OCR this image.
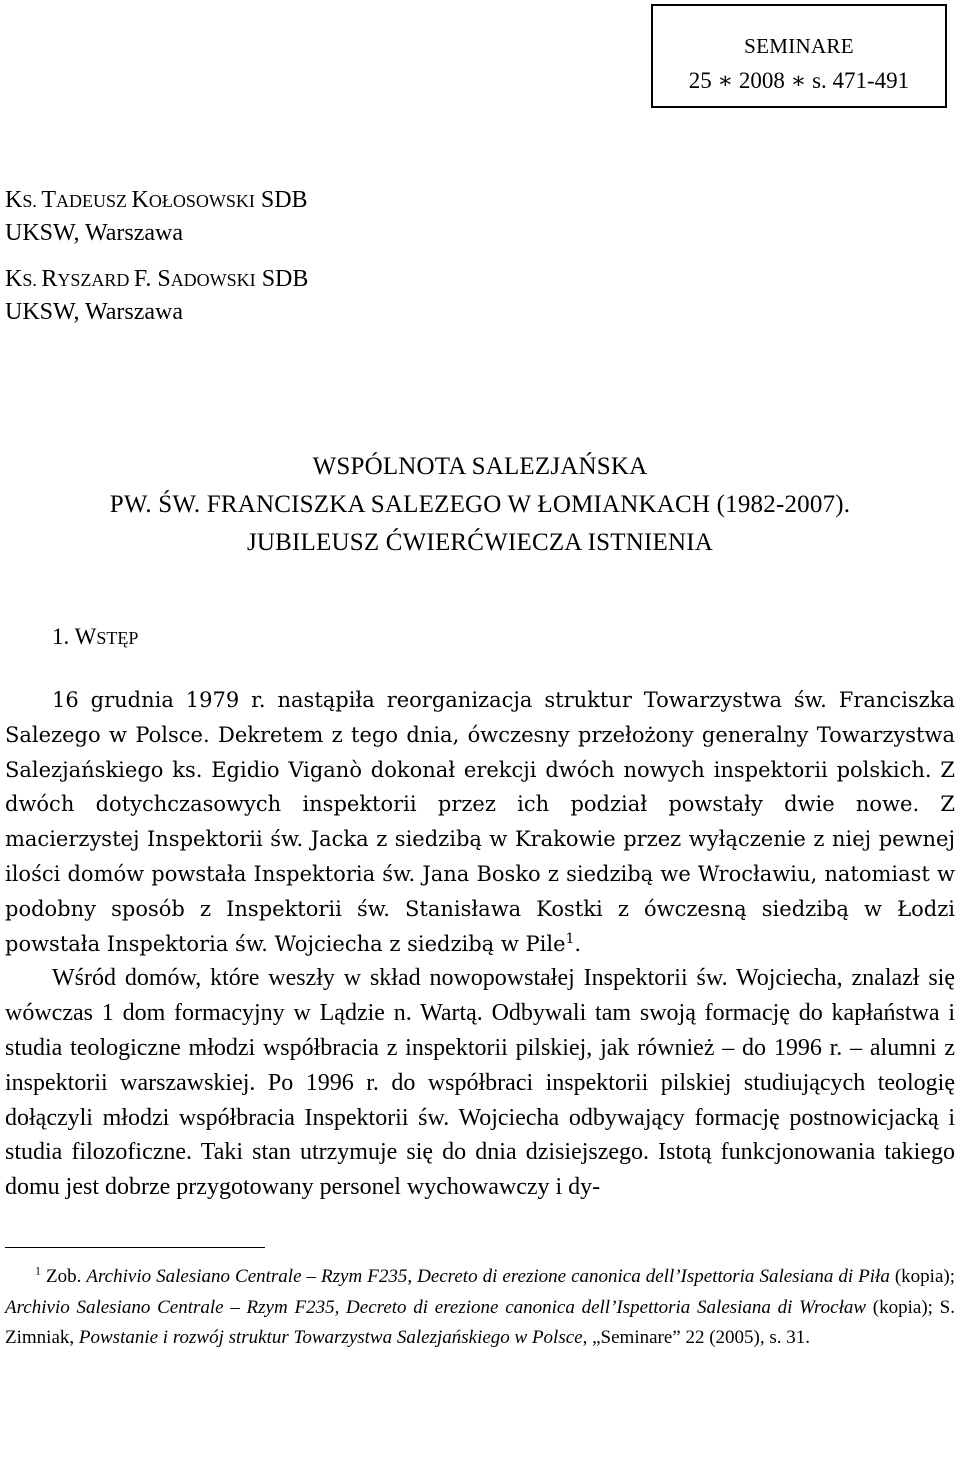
SEMINARE
25 ∗ 2008 ∗ s. 471-491
KS. TADEUSZ KOŁOSOWSKI SDB
UKSW, Warszawa
KS. RYSZARD F. SADOWSKI SDB
UKSW, Warszawa
WSPÓLNOTA SALEZJAŃSKA
PW. ŚW. FRANCISZKA SALEZEGO W ŁOMIANKACH (1982-2007).
JUBILEUSZ ĆWIERĆWIECZA ISTNIENIA
1. WSTĘP

16 grudnia 1979 r. nastąpiła reorganizacja struktur Towarzystwa św. Franciszka Salezego w Polsce. Dekretem z tego dnia, ówczesny przełożony generalny Towarzystwa Salezjańskiego ks. Egidio Viganò dokonał erekcji dwóch nowych inspektorii polskich. Z dwóch dotychczasowych inspektorii przez ich podział powstały dwie nowe. Z macierzystej Inspektorii św. Jacka z siedzibą w Krakowie przez wyłączenie z niej pewnej ilości domów powstała Inspektoria św. Jana Bosko z siedzibą we Wrocławiu, natomiast w podobny sposób z Inspektorii św. Stanisława Kostki z ówczesną siedzibą w Łodzi powstała Inspektoria św. Wojciecha z siedzibą w Pile$^1$.

Wśród domów, które weszły w skład nowopowstałej Inspektorii św. Wojciecha, znalazł się wówczas 1 dom formacyjny w Lądzie n. Wartą. Odbywali tam swoją formację do kapłaństwa i studia teologiczne młodzi współbracia z inspektorii pilskiej, jak również – do 1996 r. – alumni z inspektorii warszawskiej. Po 1996 r. do współbraci inspektorii pilskiej studiujących teologię dołączyli młodzi współbracia Inspektorii św. Wojciecha odbywający formację postnowicjacką i studia filozoficzne. Taki stan utrzymuje się do dnia dzisiejszego. Istotą funkcjonowania takiego domu jest dobrze przygotowany personel wychowawczy i dy-

$^1$ Zob. Archivio Salesiano Centrale – Rzym F235, Decreto di erezione canonica dell’Ispettoria Salesiana di Piła (kopia); Archivio Salesiano Centrale – Rzym F235, Decreto di erezione canonica dell’Ispettoria Salesiana di Wrocław (kopia); S. Zimniak, Powstanie i rozwój struktur Towarzystwa Salezjańskiego w Polsce, „Seminare” 22 (2005), s. 31.
